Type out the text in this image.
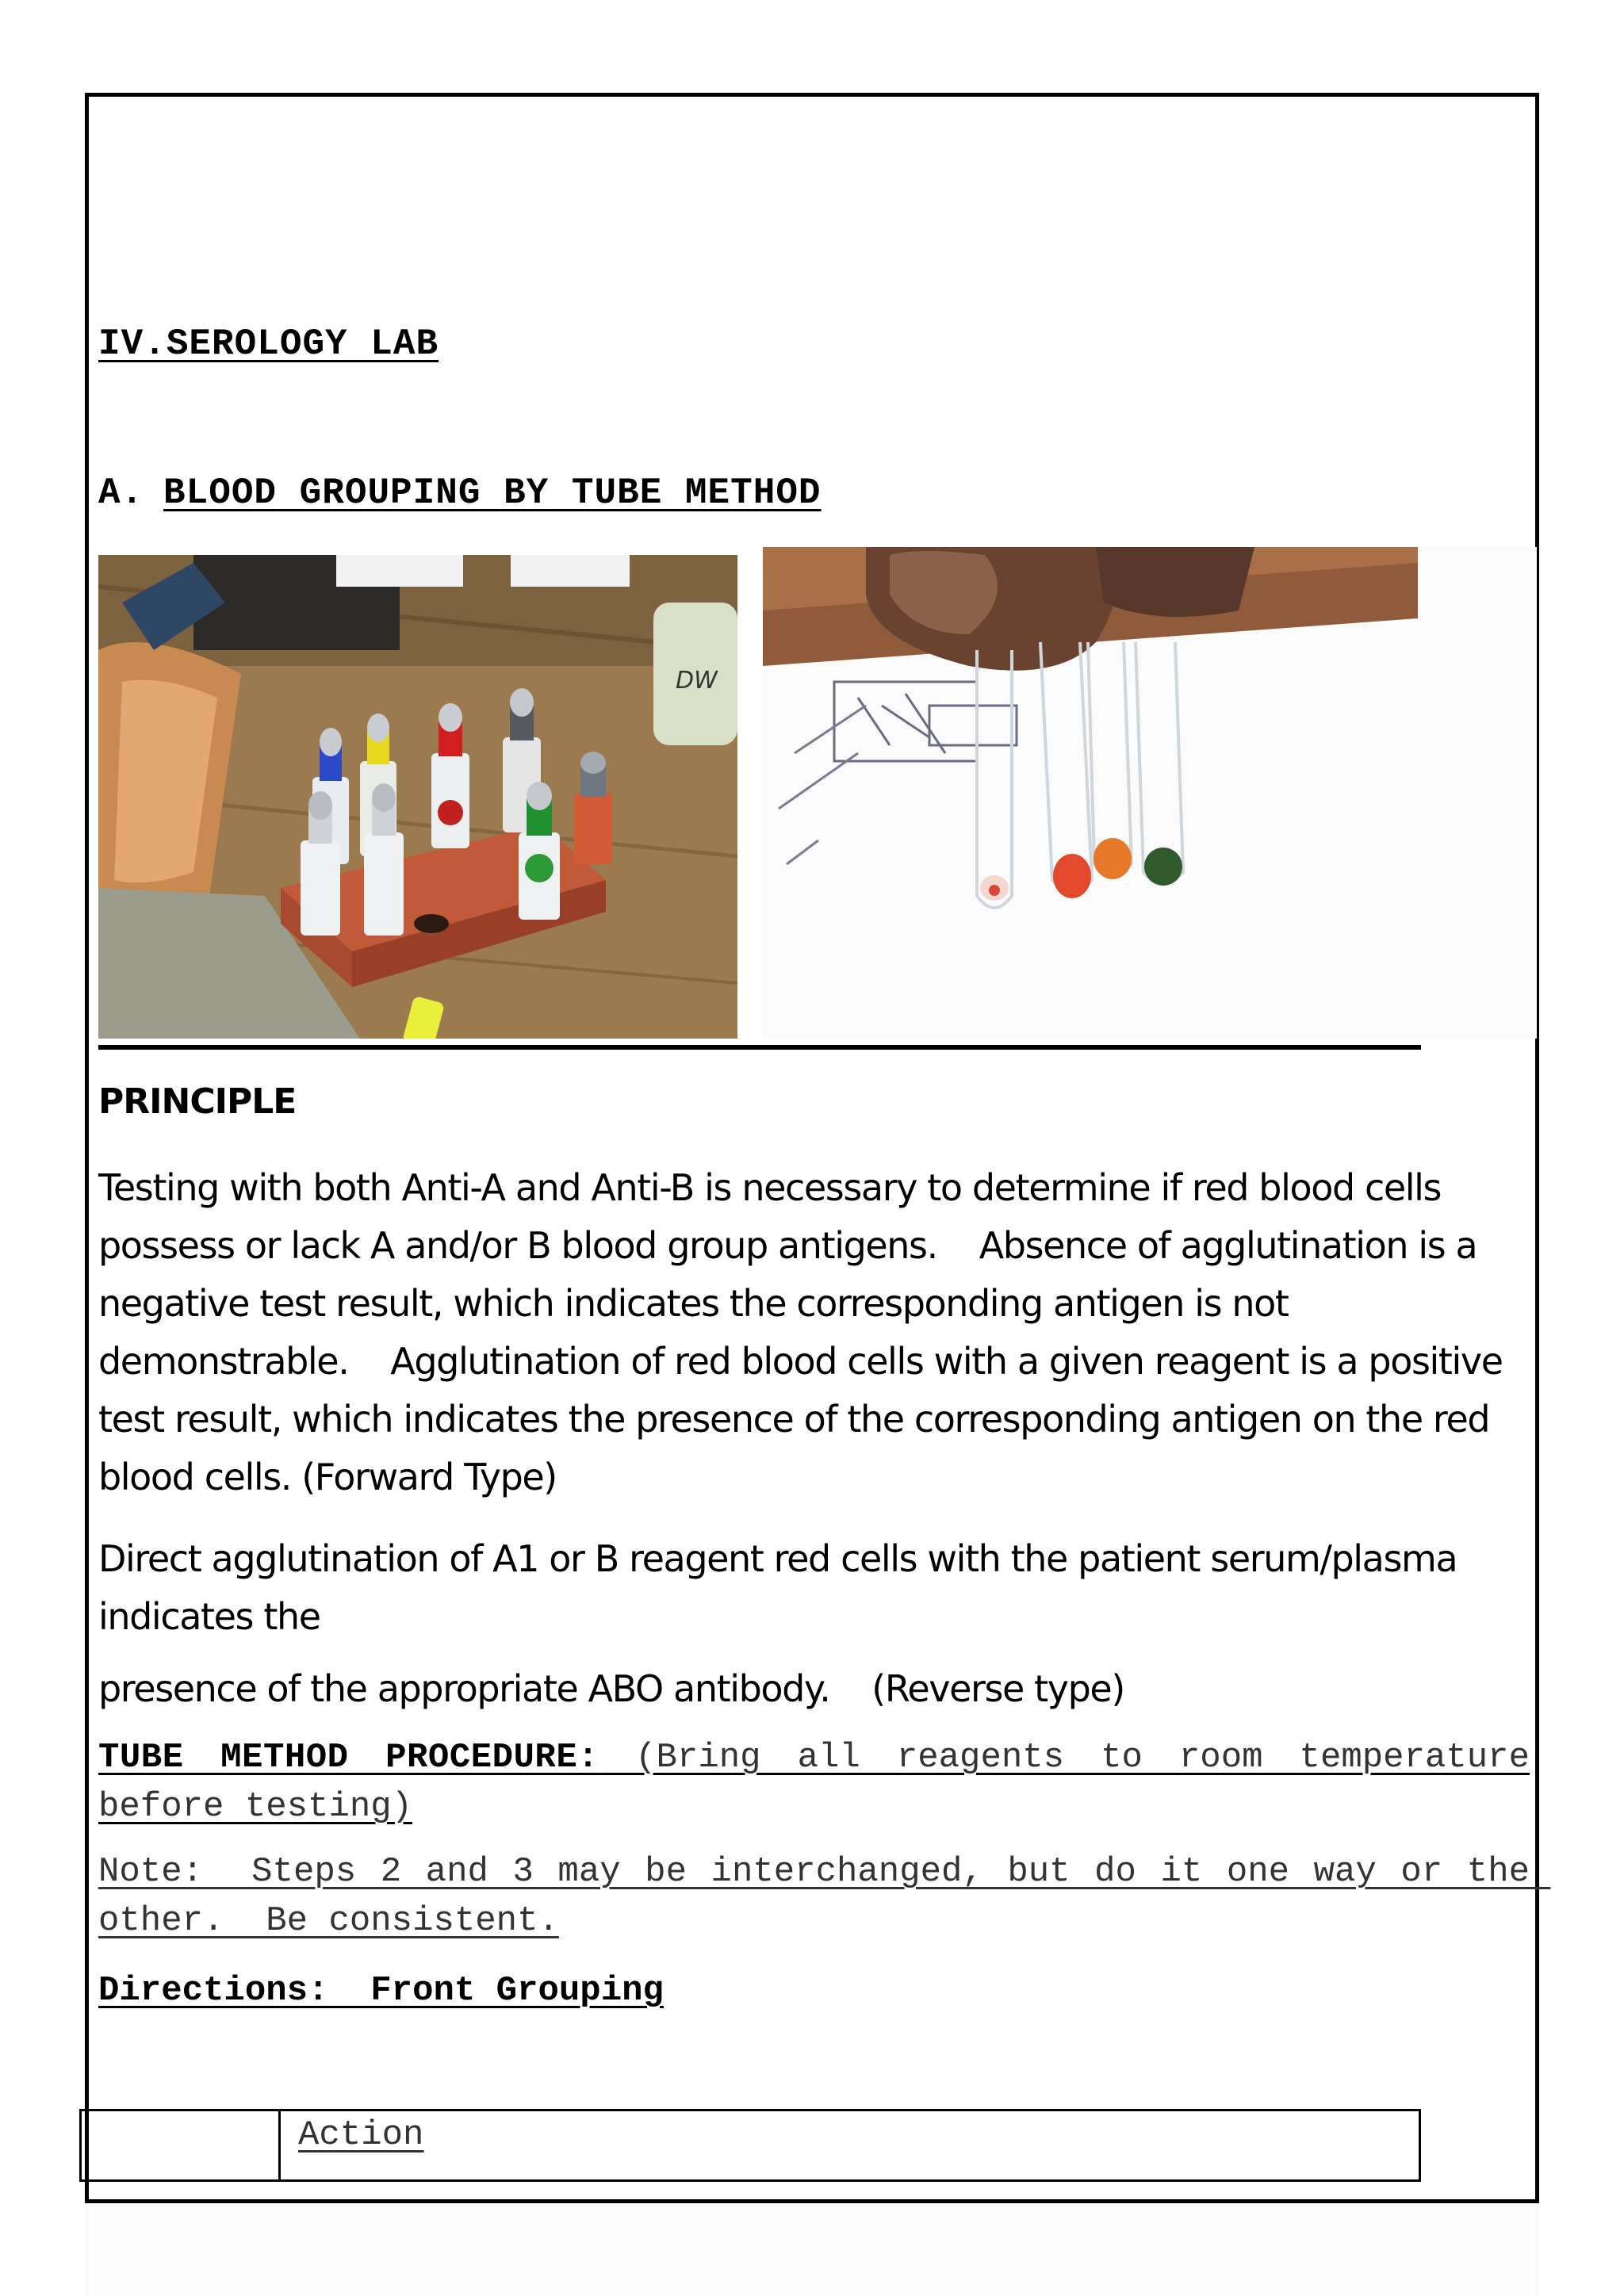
IV.SEROLOGY LAB
A. BLOOD GROUPING BY TUBE METHOD
DW
PRINCIPLE
Testing with both Anti-A and Anti-B is necessary to determine if red blood cells possess or lack A and/or B blood group antigens.    Absence of agglutination is a negative test result, which indicates the corresponding antigen is not demonstrable.    Agglutination of red blood cells with a given reagent is a positive test result, which indicates the presence of the corresponding antigen on the red blood cells. (Forward Type)
Direct agglutination of A1 or B reagent red cells with the patient serum/plasma indicates the
presence of the appropriate ABO antibody.    (Reverse type)
TUBE METHOD PROCEDURE: (Bring all reagents to room temperature before testing)
Note:  Steps 2 and 3 may be interchanged, but do it one way or the other.  Be consistent.
Directions:  Front Grouping
Action
